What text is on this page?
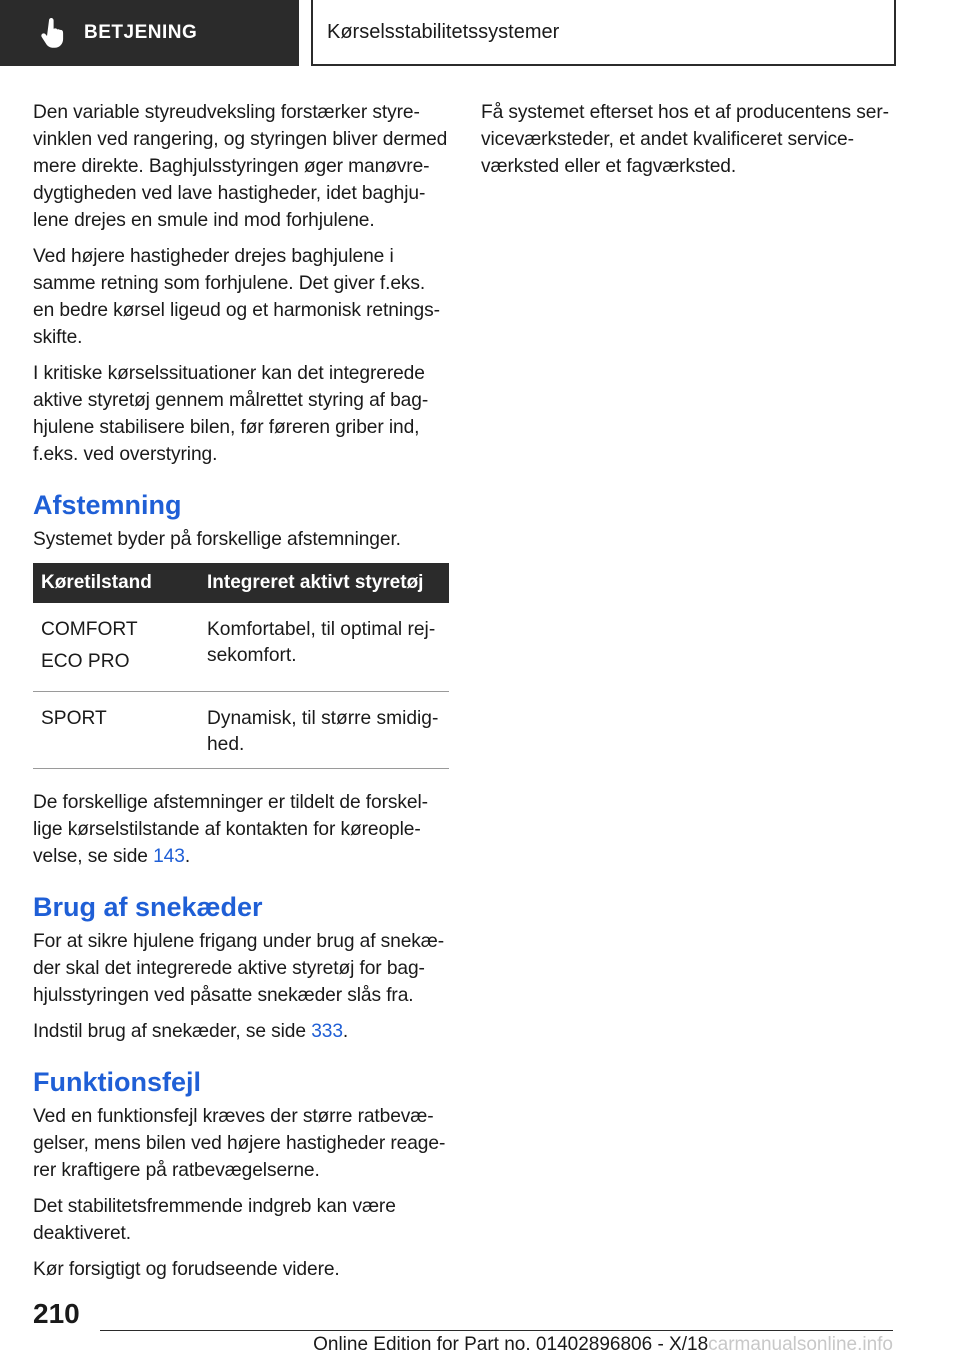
BETJENING	Kørselsstabilitetssystemer

Den variable styreudveksling forstærker styrevinklen ved rangering, og styringen bliver dermed mere direkte. Baghjulsstyringen øger manøvredygtigheden ved lave hastigheder, idet baghjulene drejes en smule ind mod forhjulene.

Ved højere hastigheder drejes baghjulene i samme retning som forhjulene. Det giver f.eks. en bedre kørsel ligeud og et harmonisk retningsskifte.

I kritiske kørselssituationer kan det integrerede aktive styretøj gennem målrettet styring af baghjulene stabilisere bilen, før føreren griber ind, f.eks. ved overstyring.

Afstemning

Systemet byder på forskellige afstemninger.

Køretilstand	Integreret aktivt styretøj

COMFORT
ECO PRO	Komfortabel, til optimal rejsekomfort.

SPORT	Dynamisk, til større smidighed.

De forskellige afstemninger er tildelt de forskellige kørselstilstande af kontakten for køreoplevelse, se side 143.

Brug af snekæder

For at sikre hjulene frigang under brug af snekæder skal det integrerede aktive styretøj for baghjulsstyringen ved påsatte snekæder slås fra.

Indstil brug af snekæder, se side 333.

Funktionsfejl

Ved en funktionsfejl kræves der større ratbevægelser, mens bilen ved højere hastigheder reagerer kraftigere på ratbevægelserne.

Det stabilitetsfremmende indgreb kan være deaktiveret.

Kør forsigtigt og forudseende videre.

Få systemet efterset hos et af producentens serviceværksteder, et andet kvalificeret serviceværksted eller et fagværksted.

210
Online Edition for Part no. 01402896806 - X/18carmanualsonline.info
